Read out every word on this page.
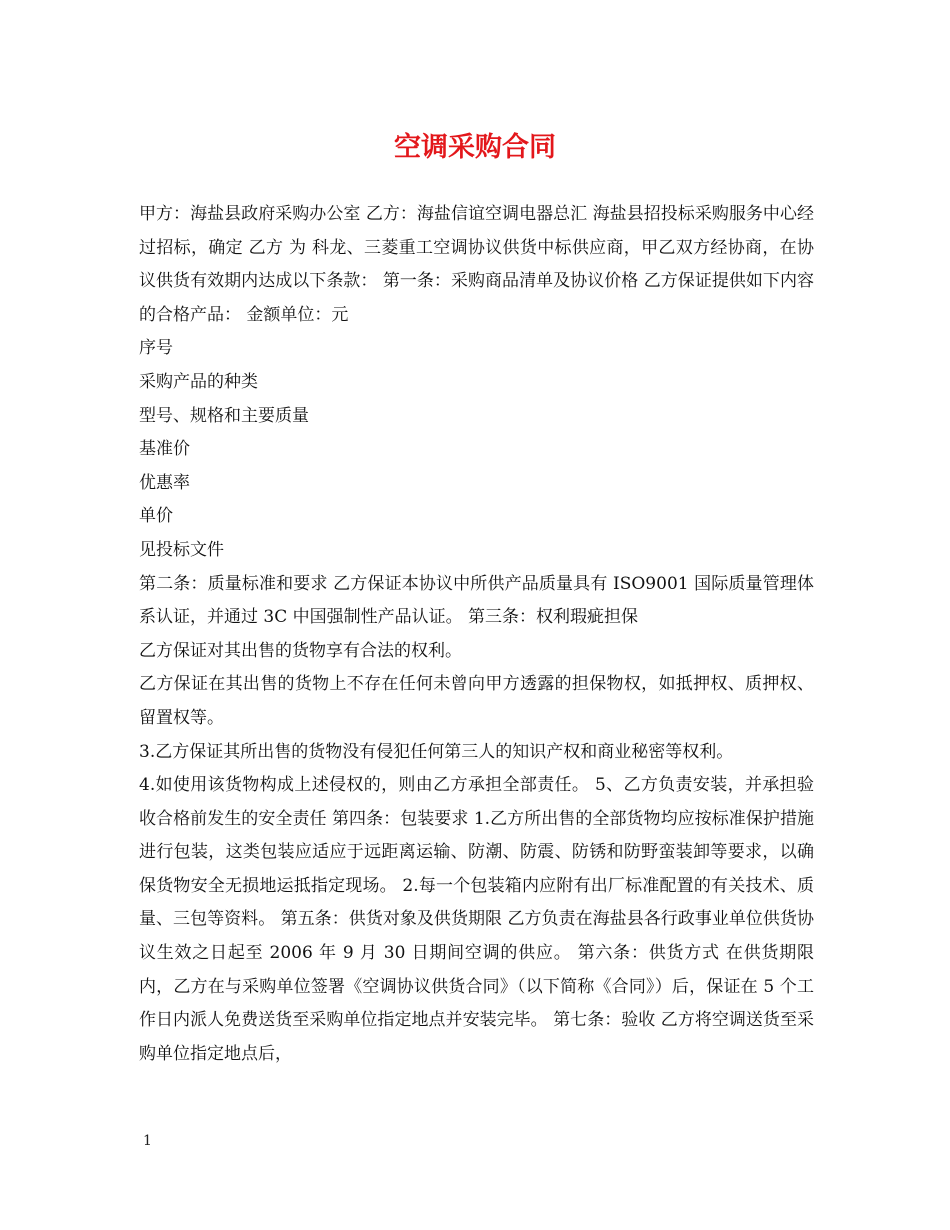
空调采购合同

甲方：海盐县政府采购办公室 乙方：海盐信谊空调电器总汇 海盐县招投标采购服务中心经过招标，确定 乙方 为 科龙、三菱重工空调协议供货中标供应商，甲乙双方经协商，在协议供货有效期内达成以下条款： 第一条：采购商品清单及协议价格 乙方保证提供如下内容的合格产品： 金额单位：元

序号

采购产品的种类

型号、规格和主要质量

基准价

优惠率

单价

见投标文件

第二条：质量标准和要求 乙方保证本协议中所供产品质量具有 ISO9001 国际质量管理体系认证，并通过 3C 中国强制性产品认证。 第三条：权利瑕疵担保

乙方保证对其出售的货物享有合法的权利。

乙方保证在其出售的货物上不存在任何未曾向甲方透露的担保物权，如抵押权、质押权、留置权等。

3.乙方保证其所出售的货物没有侵犯任何第三人的知识产权和商业秘密等权利。

4.如使用该货物构成上述侵权的，则由乙方承担全部责任。 5、乙方负责安装，并承担验收合格前发生的安全责任 第四条：包装要求 1.乙方所出售的全部货物均应按标准保护措施进行包装，这类包装应适应于远距离运输、防潮、防震、防锈和防野蛮装卸等要求，以确保货物安全无损地运抵指定现场。 2.每一个包装箱内应附有出厂标准配置的有关技术、质量、三包等资料。 第五条：供货对象及供货期限 乙方负责在海盐县各行政事业单位供货协议生效之日起至 2006 年 9 月 30 日期间空调的供应。 第六条：供货方式 在供货期限内，乙方在与采购单位签署《空调协议供货合同》（以下简称《合同》）后，保证在 5 个工作日内派人免费送货至采购单位指定地点并安装完毕。 第七条：验收 乙方将空调送货至采购单位指定地点后，

1
